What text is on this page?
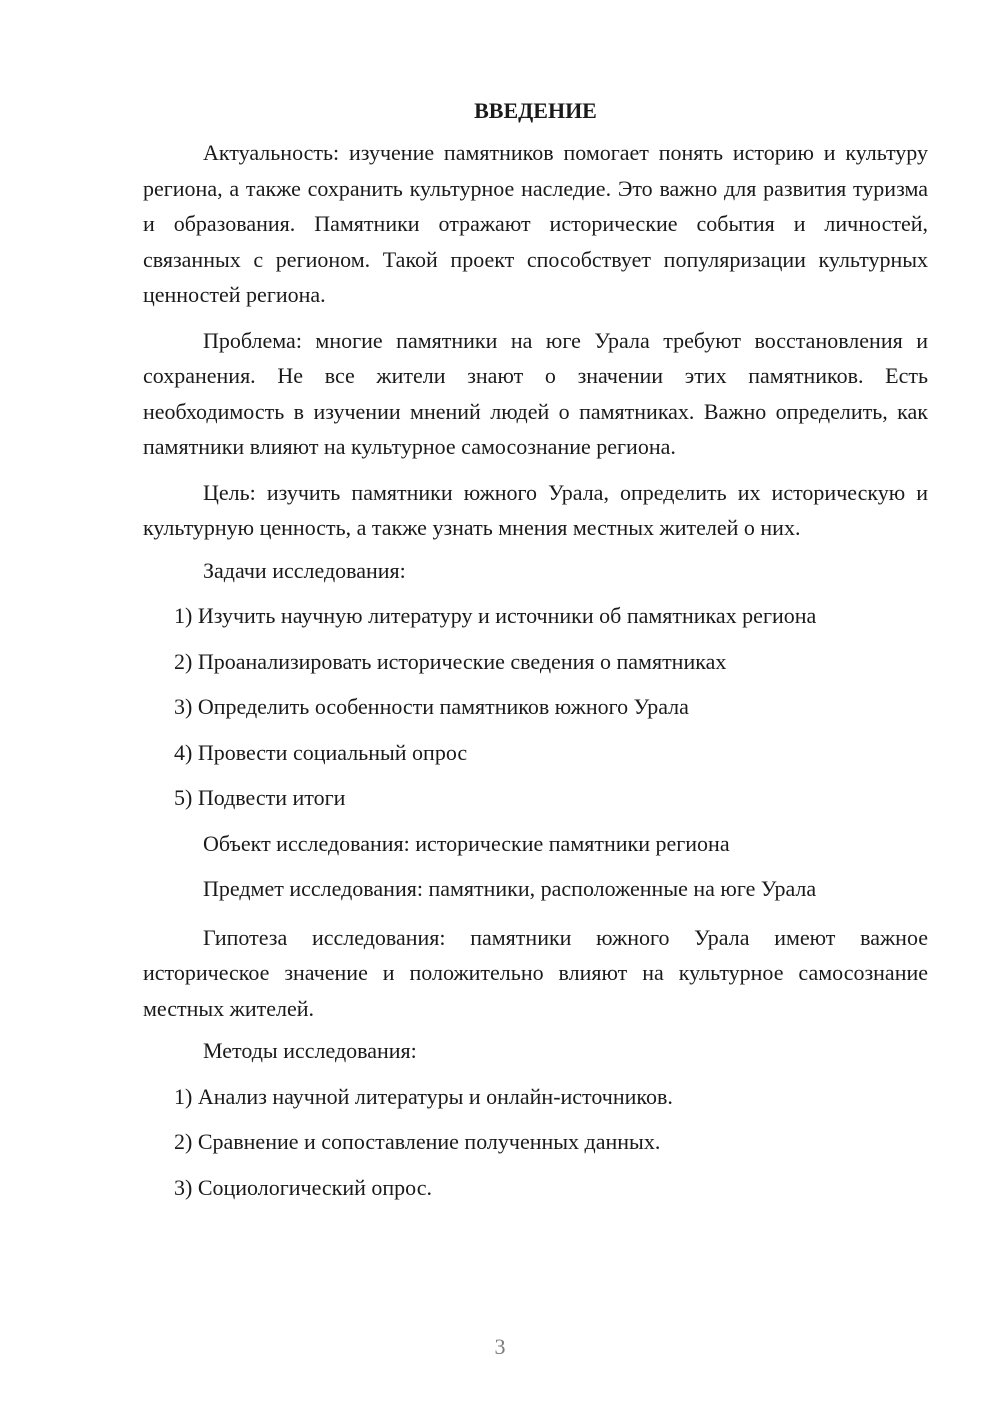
ВВЕДЕНИЕ

Актуальность: изучение памятников помогает понять историю и культуру региона, а также сохранить культурное наследие. Это важно для развития туризма и образования. Памятники отражают исторические события и личностей, связанных с регионом. Такой проект способствует популяризации культурных ценностей региона.

Проблема: многие памятники на юге Урала требуют восстановления и сохранения. Не все жители знают о значении этих памятников. Есть необходимость в изучении мнений людей о памятниках. Важно определить, как памятники влияют на культурное самосознание региона.

Цель: изучить памятники южного Урала, определить их историческую и культурную ценность, а также узнать мнения местных жителей о них.

Задачи исследования:
1) Изучить научную литературу и источники об памятниках региона
2) Проанализировать исторические сведения о памятниках
3) Определить особенности памятников южного Урала
4) Провести социальный опрос
5) Подвести итоги
Объект исследования: исторические памятники региона
Предмет исследования: памятники, расположенные на юге Урала

Гипотеза исследования: памятники южного Урала имеют важное историческое значение и положительно влияют на культурное самосознание местных жителей.

Методы исследования:
1) Анализ научной литературы и онлайн-источников.
2) Сравнение и сопоставление полученных данных.
3) Социологический опрос.
3
